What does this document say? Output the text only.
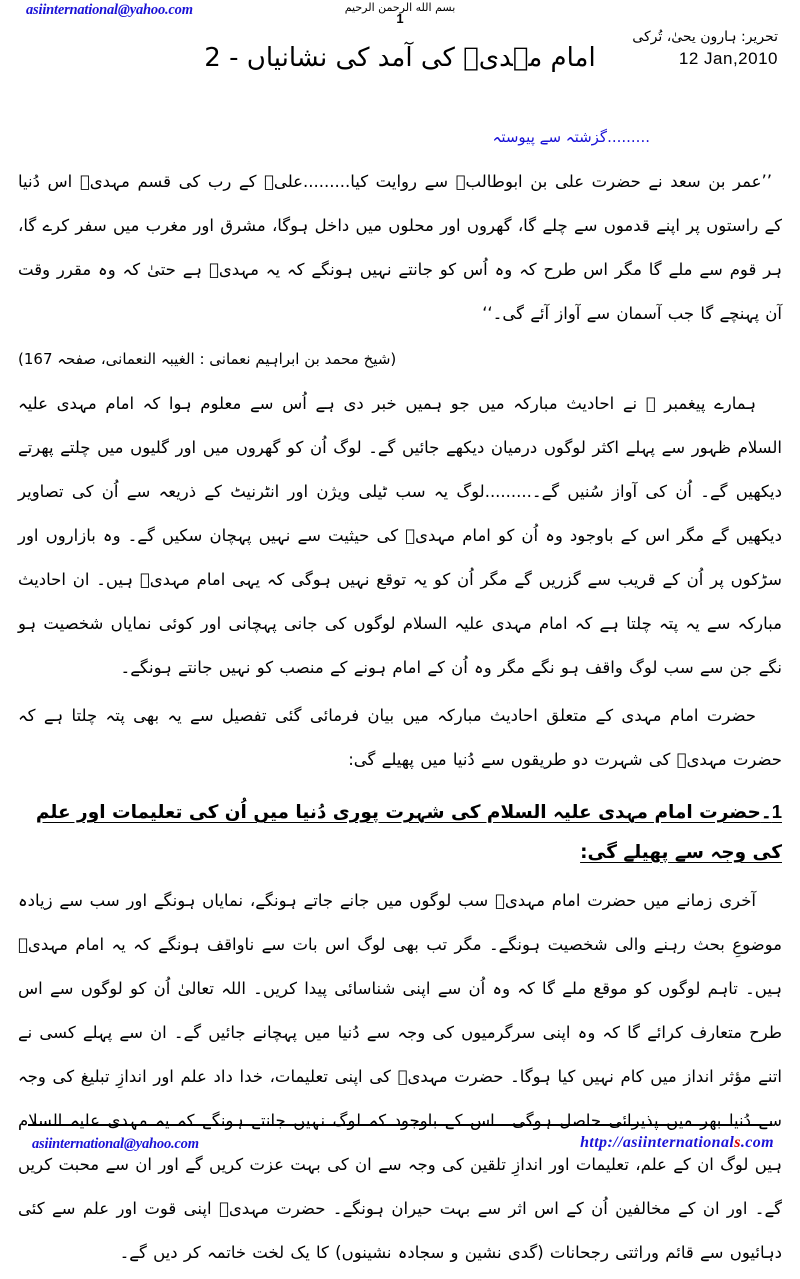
asiinternational@yahoo.com	بسم الله الرحمن الرحيم
1
تحرير: ہارون يحیٰ، تُركی
12 Jan,2010
امام مہدیؑ کی آمد کی نشانیاں - 2
.........گزشتہ سے پیوستہ

’’عمر بن سعد نے حضرت علی بن ابوطالبؓ سے روایت کیا.........علیؑ کے رب کی قسم مہدیؑ اس دُنیا کے راستوں پر اپنے قدموں سے چلے گا، گھروں اور محلوں میں داخل ہوگا، مشرق اور مغرب میں سفر کرے گا، ہر قوم سے ملے گا مگر اس طرح کہ وہ اُس کو جانتے نہیں ہونگے کہ یہ مہدیؑ ہے حتیٰ کہ وہ مقرر وقت آن پہنچے گا جب آسمان سے آواز آئے گی۔‘‘

(شيخ محمد بن ابراہيم نعمانی : الغيبہ النعمانی، صفحہ 167)

ہمارے پیغمبر ﷺ نے احادیث مبارکہ میں جو ہمیں خبر دی ہے اُس سے معلوم ہوا کہ امام مہدی علیہ السلام ظہور سے پہلے اکثر لوگوں درمیان دیکھے جائیں گے۔ لوگ اُن کو گھروں میں اور گلیوں میں چلتے پھرتے دیکھیں گے۔ اُن کی آواز سُنیں گے۔.........لوگ یہ سب ٹیلی ویژن اور انٹرنیٹ کے ذریعہ سے اُن کی تصاویر دیکھیں گے مگر اس کے باوجود وہ اُن کو امام مہدیؑ کی حیثیت سے نہیں پہچان سکیں گے۔ وہ بازاروں اور سڑکوں پر اُن کے قریب سے گزریں گے مگر اُن کو یہ توقع نہیں ہوگی کہ یہی امام مہدیؑ ہیں۔ ان احادیث مبارکہ سے یہ پتہ چلتا ہے کہ امام مہدی علیہ السلام لوگوں کی جانی پہچانی اور کوئی نمایاں شخصیت ہو نگے جن سے سب لوگ واقف ہو نگے مگر وہ اُن کے امام ہونے کے منصب کو نہیں جانتے ہونگے۔

حضرت امام مہدی کے متعلق احادیث مبارکہ میں بیان فرمائی گئی تفصیل سے یہ بھی پتہ چلتا ہے کہ حضرت مہدیؑ کی شہرت دو طریقوں سے دُنیا میں پھیلے گی:

1۔حضرت امام مہدی علیہ السلام کی شہرت پوری دُنیا میں اُن کی تعلیمات اور علم کی وجہ سے پھیلے گی:

آخری زمانے میں حضرت امام مہدیؑ سب لوگوں میں جانے جاتے ہونگے، نمایاں ہونگے اور سب سے زیادہ موضوعِ بحث رہنے والی شخصیت ہونگے۔ مگر تب بھی لوگ اس بات سے ناواقف ہونگے کہ یہ امام مہدیؑ ہیں۔ تاہم لوگوں کو موقع ملے گا کہ وہ اُن سے اپنی شناسائی پیدا کریں۔ اللہ تعالیٰ اُن کو لوگوں سے اس طرح متعارف کرائے گا کہ وہ اپنی سرگرمیوں کی وجہ سے دُنیا میں پہچانے جائیں گے۔ ان سے پہلے کسی نے اتنے مؤثر انداز میں کام نہیں کیا ہوگا۔ حضرت مہدیؑ کی اپنی تعلیمات، خدا داد علم اور اندازِ تبلیغ کی وجہ سے دُنیا بھر میں پذیرائی حاصل ہوگی۔ اس کے باوجود کہ لوگ نہیں جانتے ہونگے کہ یہ مہدی علیہ السلام ہیں لوگ ان کے علم، تعلیمات اور اندازِ تلقین کی وجہ سے ان کی بہت عزت کریں گے اور ان سے محبت کریں گے۔ اور ان کے مخالفین اُن کے اس اثر سے بہت حیران ہونگے۔ حضرت مہدیؑ اپنی قوت اور علم سے کئی دہائیوں سے قائم وراثتی رجحانات (گدی نشین و سجادہ نشینوں) کا یک لخت خاتمہ کر دیں گے۔

asiinternational@yahoo.com	http://asiinternationals.com
